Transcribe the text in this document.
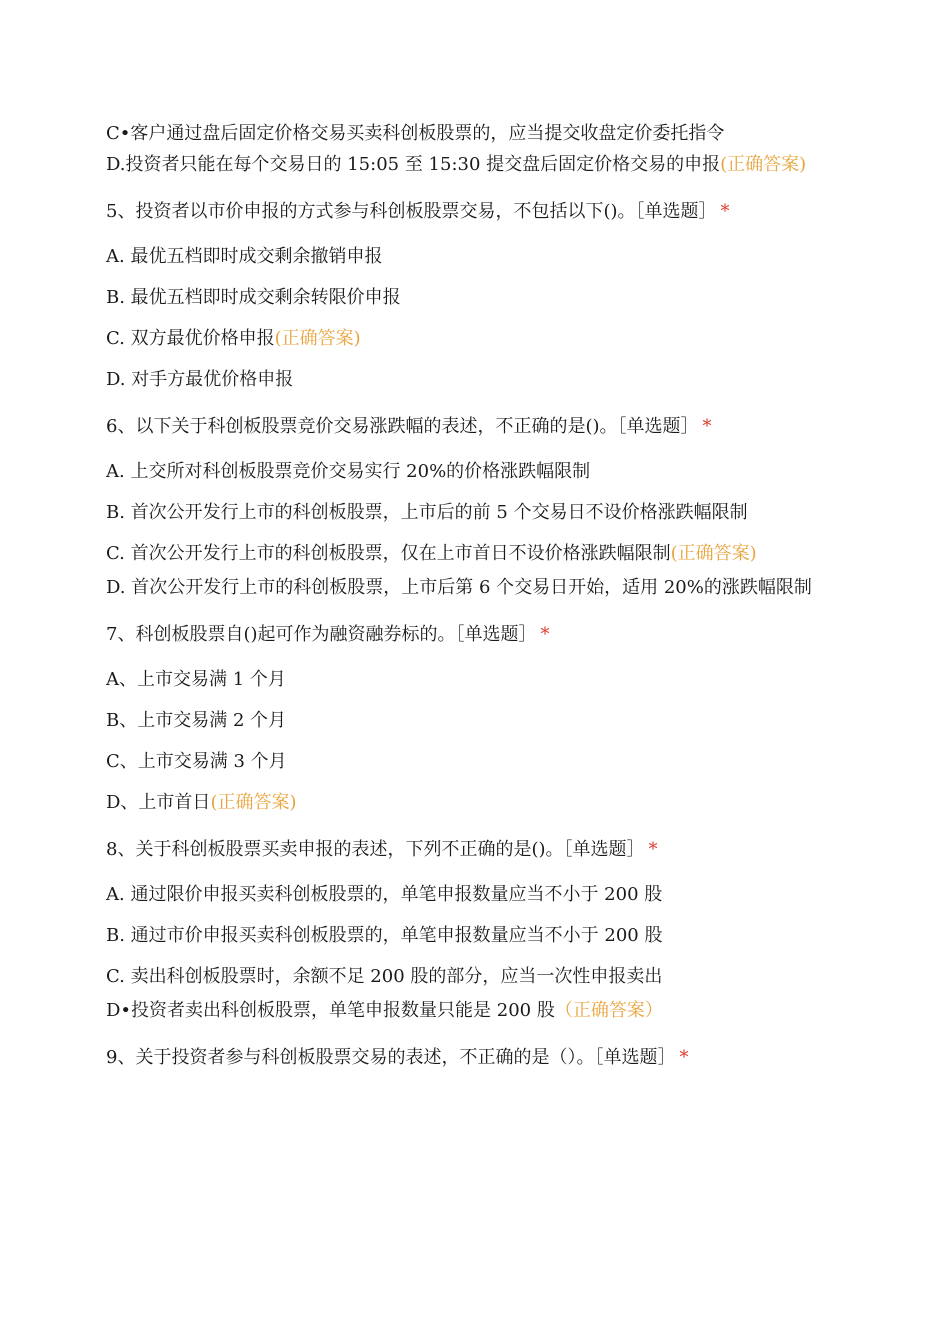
C•客户通过盘后固定价格交易买卖科创板股票的，应当提交收盘定价委托指令

D.投资者只能在每个交易日的 15:05 至 15:30 提交盘后固定价格交易的申报(正确答案)

5、投资者以市价申报的方式参与科创板股票交易，不包括以下()。［单选题］ *

A. 最优五档即时成交剩余撤销申报

B. 最优五档即时成交剩余转限价申报

C. 双方最优价格申报(正确答案)

D. 对手方最优价格申报

6、以下关于科创板股票竞价交易涨跌幅的表述，不正确的是()。［单选题］ *

A. 上交所对科创板股票竞价交易实行 20%的价格涨跌幅限制

B. 首次公开发行上市的科创板股票，上市后的前 5 个交易日不设价格涨跌幅限制

C. 首次公开发行上市的科创板股票，仅在上市首日不设价格涨跌幅限制(正确答案)

D. 首次公开发行上市的科创板股票，上市后第 6 个交易日开始，适用 20%的涨跌幅限制

7、科创板股票自()起可作为融资融券标的。［单选题］ *

A、上市交易满 1 个月

B、上市交易满 2 个月

C、上市交易满 3 个月

D、上市首日(正确答案)

8、关于科创板股票买卖申报的表述，下列不正确的是()。［单选题］ *

A. 通过限价申报买卖科创板股票的，单笔申报数量应当不小于 200 股

B. 通过市价申报买卖科创板股票的，单笔申报数量应当不小于 200 股

C. 卖出科创板股票时，余额不足 200 股的部分，应当一次性申报卖出

D•投资者卖出科创板股票，单笔申报数量只能是 200 股（正确答案）

9、关于投资者参与科创板股票交易的表述，不正确的是（）。［单选题］ *
